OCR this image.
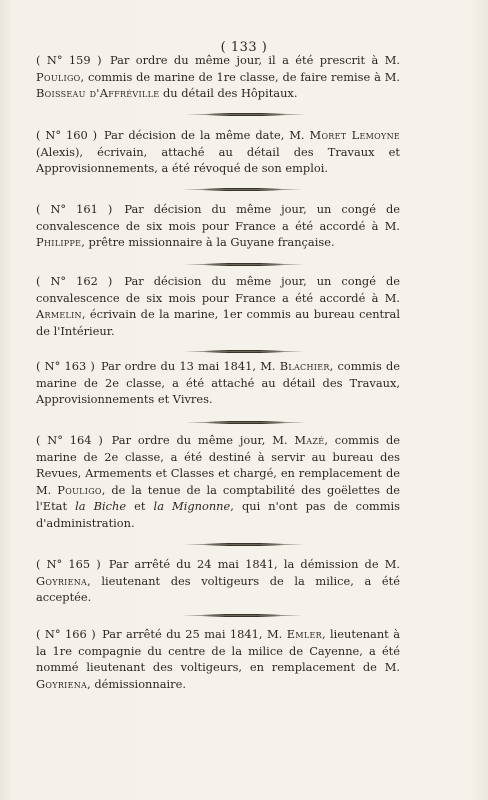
( 133 )

( N° 159 ) Par ordre du même jour, il a été prescrit à M. Pouligo, commis de marine de 1re classe, de faire remise à M. Boisseau d'Affréville du détail des Hôpitaux.

( N° 160 ) Par décision de la même date, M. Moret Lemoyne (Alexis), écrivain, attaché au détail des Travaux et Approvisionnements, a été révoqué de son emploi.

( N° 161 ) Par décision du même jour, un congé de convalescence de six mois pour France a été accordé à M. Philippe, prêtre missionnaire à la Guyane française.

( N° 162 ) Par décision du même jour, un congé de convalescence de six mois pour France a été accordé à M. Armelin, écrivain de la marine, 1er commis au bureau central de l'Intérieur.

( N° 163 ) Par ordre du 13 mai 1841, M. Blachier, commis de marine de 2e classe, a été attaché au détail des Travaux, Approvisionnements et Vivres.

( N° 164 ) Par ordre du même jour, M. Mazé, commis de marine de 2e classe, a été destiné à servir au bureau des Revues, Armements et Classes et chargé, en remplacement de M. Pouligo, de la tenue de la comptabilité des goëlettes de l'Etat la Biche et la Mignonne, qui n'ont pas de commis d'administration.

( N° 165 ) Par arrêté du 24 mai 1841, la démission de M. Goyriena, lieutenant des voltigeurs de la milice, a été acceptée.

( N° 166 ) Par arrêté du 25 mai 1841, M. Emler, lieutenant à la 1re compagnie du centre de la milice de Cayenne, a été nommé lieutenant des voltigeurs, en remplacement de M. Goyriena, démissionnaire.
